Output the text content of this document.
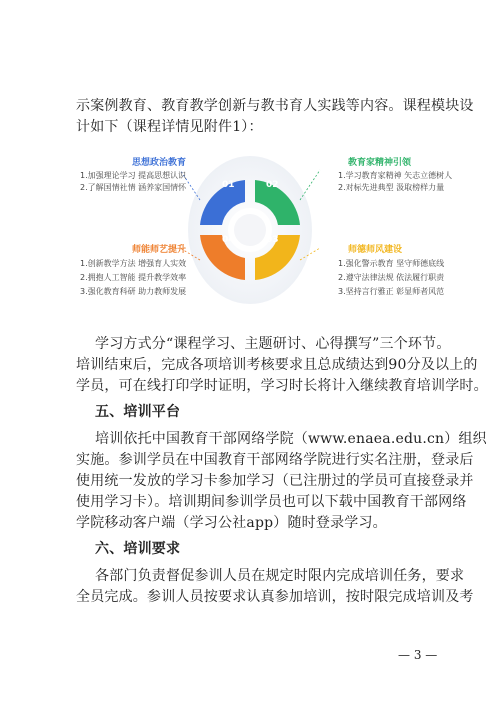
示案例教育、教育教学创新与教书育人实践等内容。课程模块设
计如下（课程详情见附件1）：
01	02
03
04
思想政治教育
1.加强理论学习 提高思想认识
2.了解国情社情 涵养家国情怀
教育家精神引领
1.学习教育家精神 矢志立德树人
2.对标先进典型 汲取榜样力量
师能师艺提升
1.创新教学方法 增强育人实效
2.拥抱人工智能 提升教学效率
3.强化教育科研 助力教师发展
师德师风建设
1.强化警示教育 坚守师德底线
2.遵守法律法规 依法履行职责
3.坚持言行雅正 彰显师者风范
学习方式分“课程学习、主题研讨、心得撰写”三个环节。
培训结束后，完成各项培训考核要求且总成绩达到90分及以上的
学员，可在线打印学时证明，学习时长将计入继续教育培训学时。
五、培训平台
培训依托中国教育干部网络学院（www.enaea.edu.cn）组织
实施。参训学员在中国教育干部网络学院进行实名注册，登录后
使用统一发放的学习卡参加学习（已注册过的学员可直接登录并
使用学习卡）。培训期间参训学员也可以下载中国教育干部网络
学院移动客户端（学习公社app）随时登录学习。
六、培训要求
各部门负责督促参训人员在规定时限内完成培训任务，要求
全员完成。参训人员按要求认真参加培训，按时限完成培训及考
— 3 —
